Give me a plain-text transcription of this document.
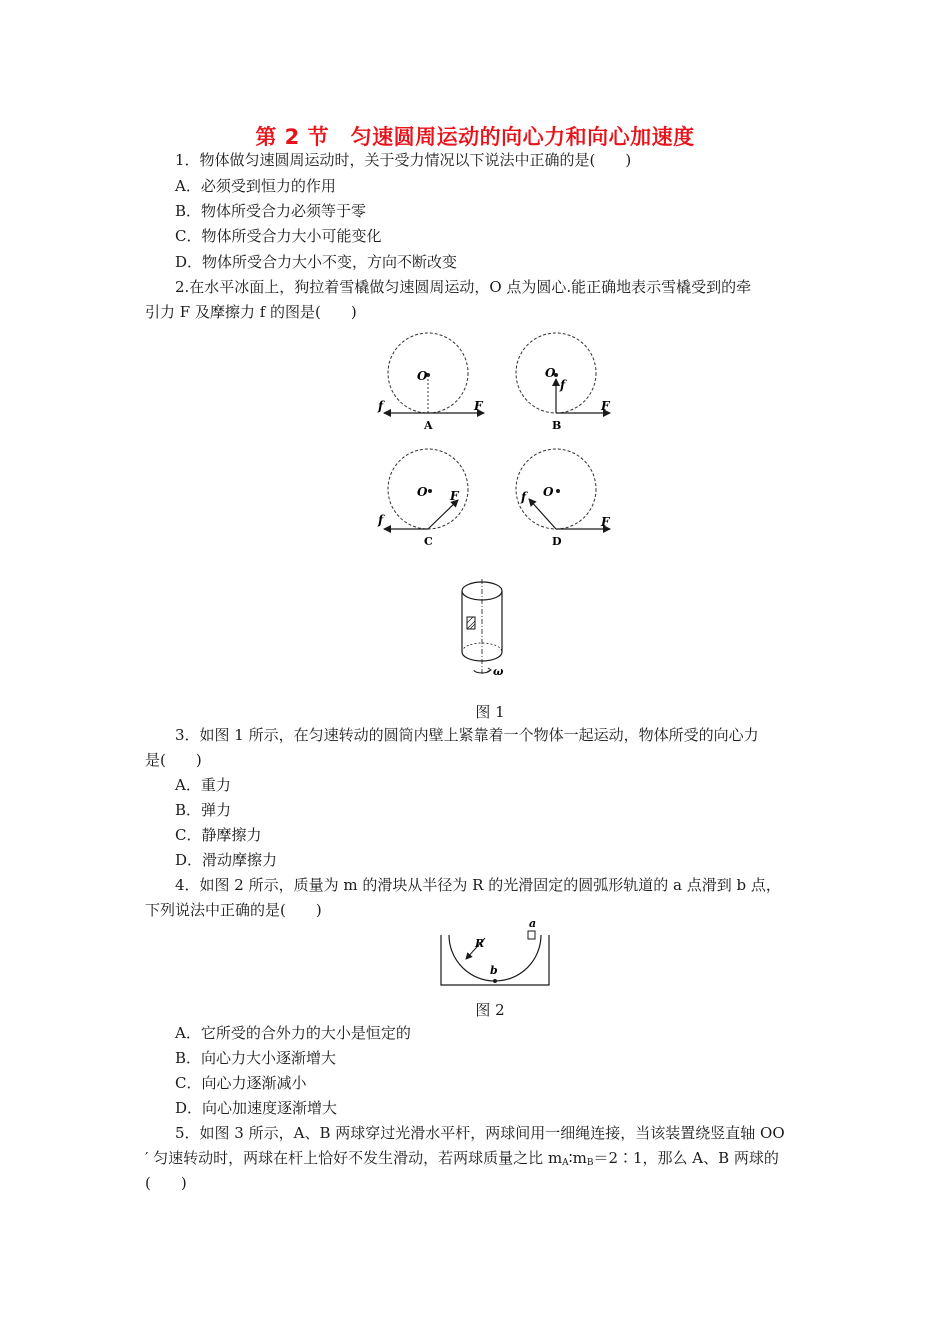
第 2 节　匀速圆周运动的向心力和向心加速度
1．物体做匀速圆周运动时，关于受力情况以下说法中正确的是(　　)
A．必须受到恒力的作用
B．物体所受合力必须等于零
C．物体所受合力大小可能变化
D．物体所受合力大小不变，方向不断改变
2.在水平冰面上，狗拉着雪橇做匀速圆周运动，O 点为圆心.能正确地表示雪橇受到的牵
引力 F 及摩擦力 f 的图是(　　)
O
f	F
A
O
f
F
B
O
f
F
C
O
f
F
D
ω
图 1
3．如图 1 所示，在匀速转动的圆筒内壁上紧靠着一个物体一起运动，物体所受的向心力
是(　　)
A．重力
B．弹力
C．静摩擦力
D．滑动摩擦力
4．如图 2 所示，质量为 m 的滑块从半径为 R 的光滑固定的圆弧形轨道的 a 点滑到 b 点，
下列说法中正确的是(　　)
R
a
b
图 2
A．它所受的合外力的大小是恒定的
B．向心力大小逐渐增大
C．向心力逐渐减小
D．向心加速度逐渐增大
5．如图 3 所示，A、B 两球穿过光滑水平杆，两球间用一细绳连接，当该装置绕竖直轴 OO
′ 匀速转动时，两球在杆上恰好不发生滑动，若两球质量之比 $m_A∶m_B=2∶1$，那么 A、B 两球的
(　　)
